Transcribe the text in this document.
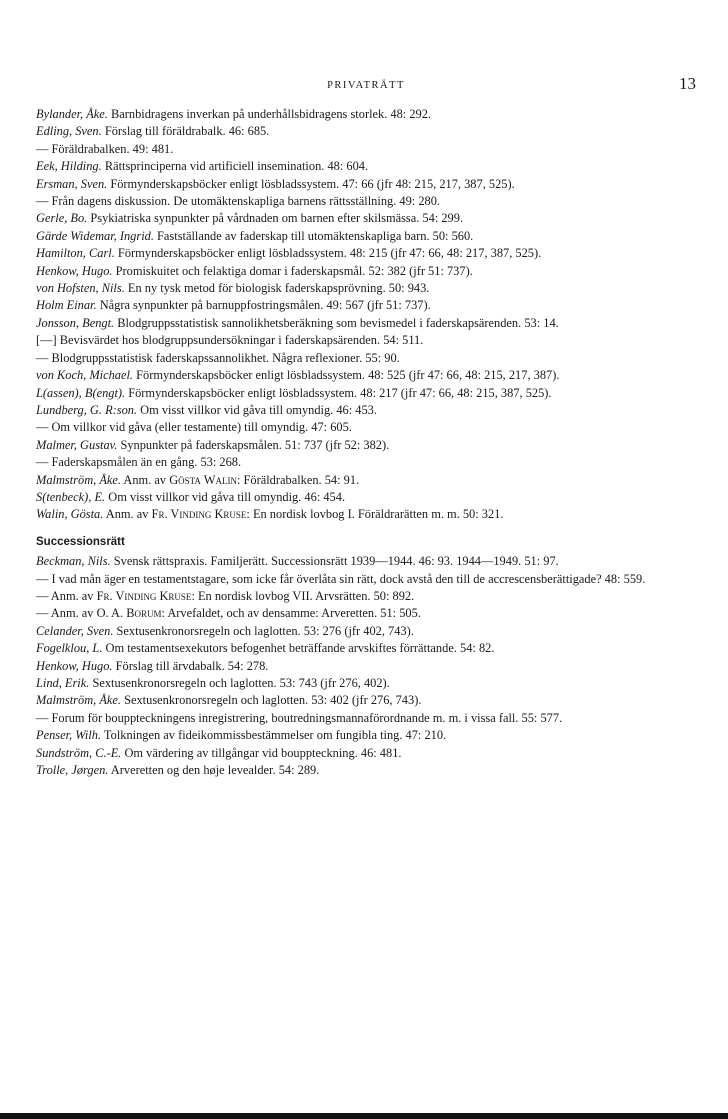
PRIVATRÄTT	13

Bylander, Åke. Barnbidragens inverkan på underhållsbidragens storlek. 48: 292.

Edling, Sven. Förslag till föräldrabalk. 46: 685.

— Föräldrabalken. 49: 481.

Eek, Hilding. Rättsprinciperna vid artificiell insemination. 48: 604.

Ersman, Sven. Förmynderskapsböcker enligt lösbladssystem. 47: 66 (jfr 48: 215, 217, 387, 525).

— Från dagens diskussion. De utomäktenskapliga barnens rättsställning. 49: 280.

Gerle, Bo. Psykiatriska synpunkter på vårdnaden om barnen efter skilsmässa. 54: 299.

Gärde Widemar, Ingrid. Fastställande av faderskap till utomäktenskapliga barn. 50: 560.

Hamilton, Carl. Förmynderskapsböcker enligt lösbladssystem. 48: 215 (jfr 47: 66, 48: 217, 387, 525).

Henkow, Hugo. Promiskuitet och felaktiga domar i faderskapsmål. 52: 382 (jfr 51: 737).

von Hofsten, Nils. En ny tysk metod för biologisk faderskapsprövning. 50: 943.

Holm Einar. Några synpunkter på barnuppfostringsmålen. 49: 567 (jfr 51: 737).

Jonsson, Bengt. Blodgruppsstatistisk sannolikhetsberäkning som bevismedel i faderskapsärenden. 53: 14.

[—] Bevisvärdet hos blodgruppsundersökningar i faderskapsärenden. 54: 511.

— Blodgruppsstatistisk faderskapssannolikhet. Några reflexioner. 55: 90.

von Koch, Michael. Förmynderskapsböcker enligt lösbladssystem. 48: 525 (jfr 47: 66, 48: 215, 217, 387).

L(assen), B(engt). Förmynderskapsböcker enligt lösbladssystem. 48: 217 (jfr 47: 66, 48: 215, 387, 525).

Lundberg, G. R:son. Om visst villkor vid gåva till omyndig. 46: 453.

— Om villkor vid gåva (eller testamente) till omyndig. 47: 605.

Malmer, Gustav. Synpunkter på faderskapsmålen. 51: 737 (jfr 52: 382).

— Faderskapsmålen än en gång. 53: 268.

Malmström, Åke. Anm. av Gösta Walin: Föräldrabalken. 54: 91.

S(tenbeck), E. Om visst villkor vid gåva till omyndig. 46: 454.

Walin, Gösta. Anm. av Fr. Vinding Kruse: En nordisk lovbog I. Föräldrarätten m. m. 50: 321.

Successionsrätt

Beckman, Nils. Svensk rättspraxis. Familjerätt. Successionsrätt 1939—1944. 46: 93. 1944—1949. 51: 97.

— I vad mån äger en testamentstagare, som icke får överlåta sin rätt, dock avstå den till de accrescensberättigade? 48: 559.

— Anm. av Fr. Vinding Kruse: En nordisk lovbog VII. Arvsrätten. 50: 892.

— Anm. av O. A. Borum: Arvefaldet, och av densamme: Arveretten. 51: 505.

Celander, Sven. Sextusenkronorsregeln och laglotten. 53: 276 (jfr 402, 743).

Fogelklou, L. Om testamentsexekutors befogenhet beträffande arvskiftes förrättande. 54: 82.

Henkow, Hugo. Förslag till ärvdabalk. 54: 278.

Lind, Erik. Sextusenkronorsregeln och laglotten. 53: 743 (jfr 276, 402).

Malmström, Åke. Sextusenkronorsregeln och laglotten. 53: 402 (jfr 276, 743).

— Forum för bouppteckningens inregistrering, boutredningsmannaförordnande m. m. i vissa fall. 55: 577.

Penser, Wilh. Tolkningen av fideikommissbestämmelser om fungibla ting. 47: 210.

Sundström, C.-E. Om värdering av tillgångar vid bouppteckning. 46: 481.

Trolle, Jørgen. Arveretten og den høje levealder. 54: 289.
